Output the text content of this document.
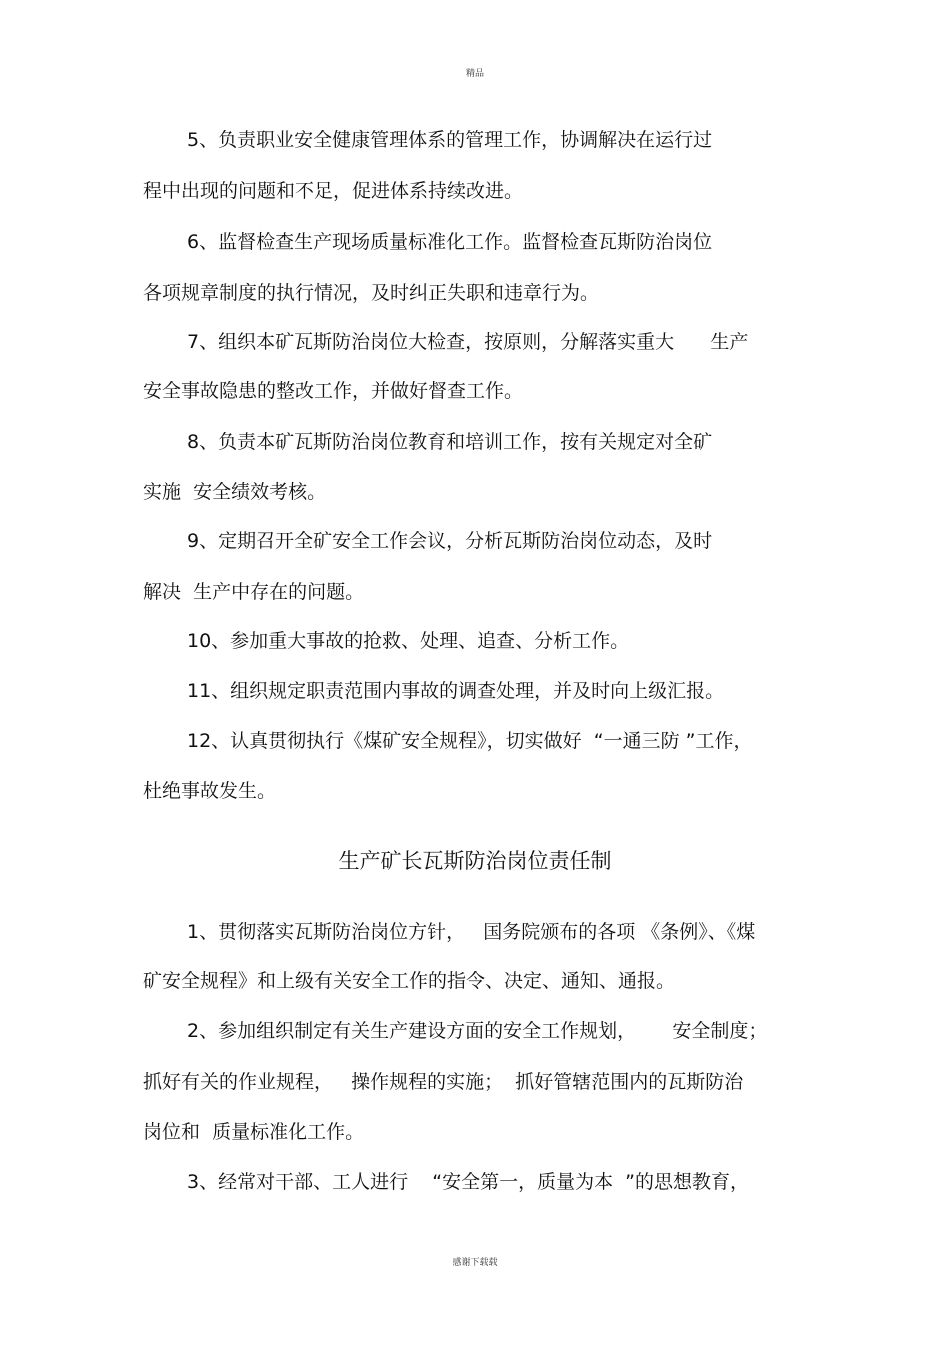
精品
5、负责职业安全健康管理体系的管理工作，协调解决在运行过
程中出现的问题和不足，促进体系持续改进。
6、监督检查生产现场质量标准化工作。监督检查瓦斯防治岗位
各项规章制度的执行情况，及时纠正失职和违章行为。
7、组织本矿瓦斯防治岗位大检查，按原则，分解落实重大      生产
安全事故隐患的整改工作，并做好督查工作。
8、负责本矿瓦斯防治岗位教育和培训工作，按有关规定对全矿
实施  安全绩效考核。
9、定期召开全矿安全工作会议，分析瓦斯防治岗位动态，及时
解决  生产中存在的问题。
10、参加重大事故的抢救、处理、追查、分析工作。
11、组织规定职责范围内事故的调查处理，并及时向上级汇报。
12、认真贯彻执行《煤矿安全规程》，切实做好  “一通三防 ”工作，
杜绝事故发生。
生产矿长瓦斯防治岗位责任制
1、贯彻落实瓦斯防治岗位方针，   国务院颁布的各项 《条例》、《煤
矿安全规程》和上级有关安全工作的指令、决定、通知、通报。
2、参加组织制定有关生产建设方面的安全工作规划，      安全制度；
抓好有关的作业规程，   操作规程的实施；  抓好管辖范围内的瓦斯防治
岗位和  质量标准化工作。
3、经常对干部、工人进行    “安全第一，质量为本  ”的思想教育，
感谢下载载
